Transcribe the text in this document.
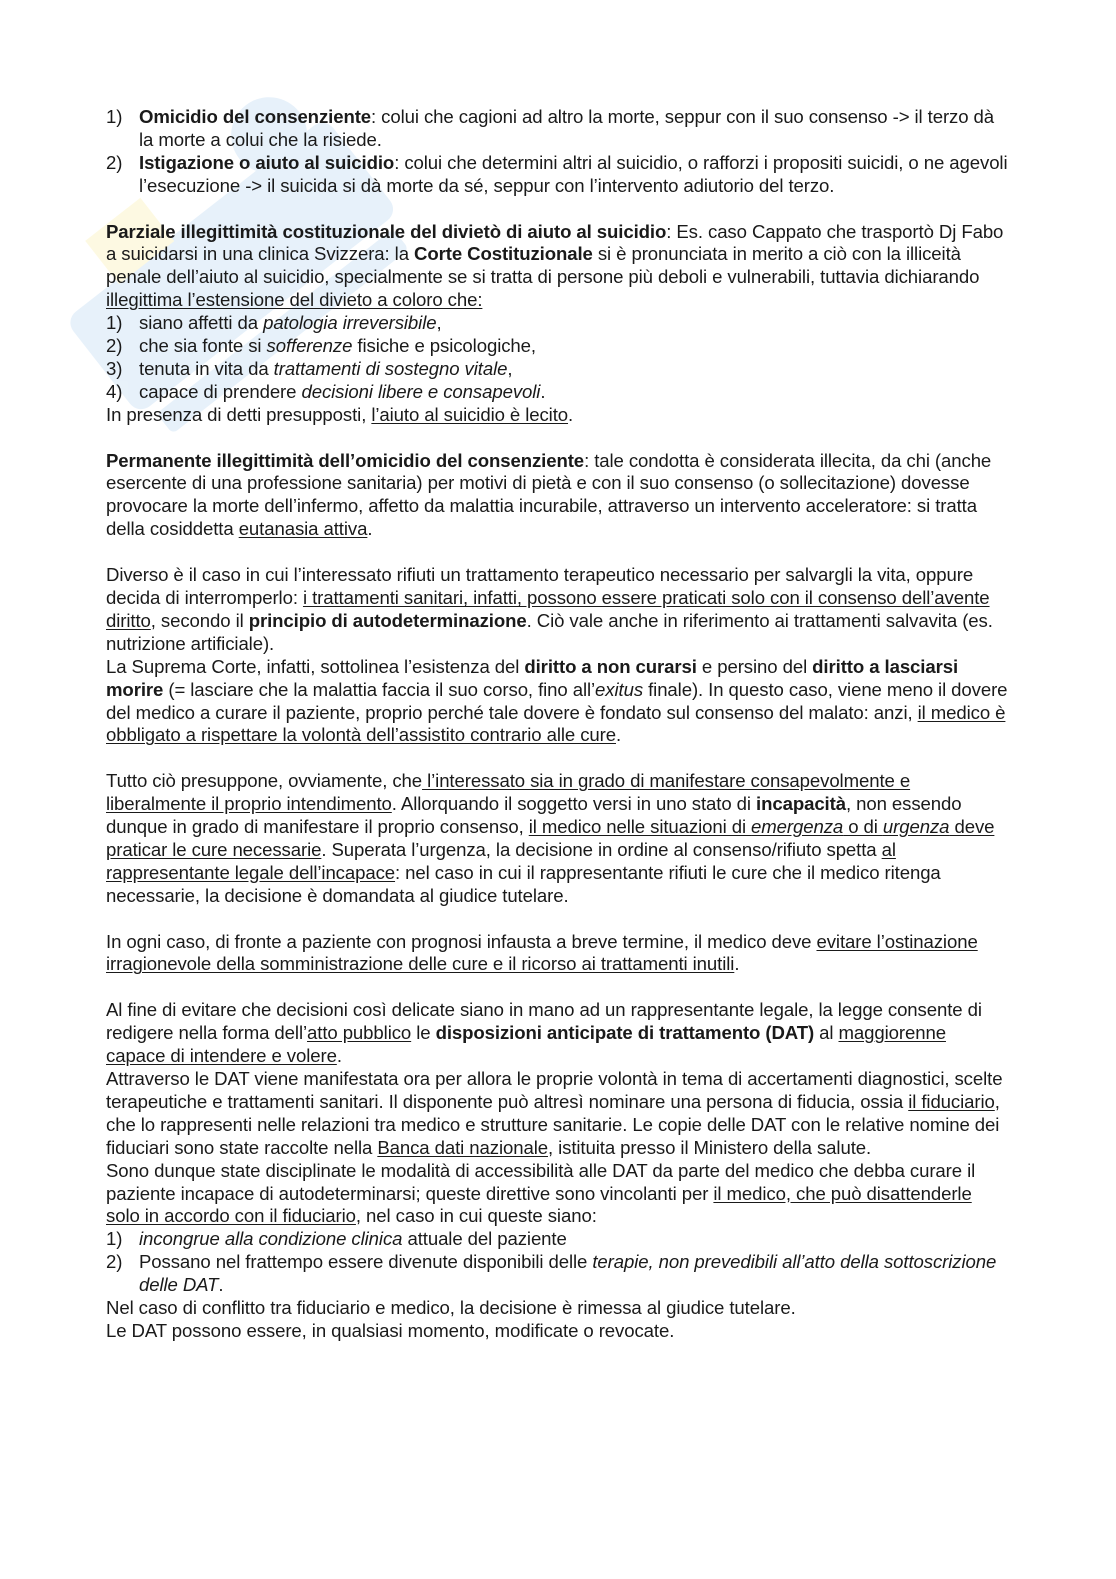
1) Omicidio del consenziente: colui che cagioni ad altro la morte, seppur con il suo consenso -> il terzo dà la morte a colui che la risiede.
2) Istigazione o aiuto al suicidio: colui che determini altri al suicidio, o rafforzi i propositi suicidi, o ne agevoli l’esecuzione -> il suicida si dà morte da sé, seppur con l’intervento adiutorio del terzo.

Parziale illegittimità costituzionale del divietò di aiuto al suicidio: Es. caso Cappato che trasportò Dj Fabo a suicidarsi in una clinica Svizzera: la Corte Costituzionale si è pronunciata in merito a ciò con la illiceità penale dell’aiuto al suicidio, specialmente se si tratta di persone più deboli e vulnerabili, tuttavia dichiarando illegittima l’estensione del divieto a coloro che:

1) siano affetti da patologia irreversibile,
2) che sia fonte si sofferenze fisiche e psicologiche,
3) tenuta in vita da trattamenti di sostegno vitale,
4) capace di prendere decisioni libere e consapevoli.

In presenza di detti presupposti, l’aiuto al suicidio è lecito.

Permanente illegittimità dell’omicidio del consenziente: tale condotta è considerata illecita, da chi (anche esercente di una professione sanitaria) per motivi di pietà e con il suo consenso (o sollecitazione) dovesse provocare la morte dell’infermo, affetto da malattia incurabile, attraverso un intervento acceleratore: si tratta della cosiddetta eutanasia attiva.

Diverso è il caso in cui l’interessato rifiuti un trattamento terapeutico necessario per salvargli la vita, oppure decida di interromperlo: i trattamenti sanitari, infatti, possono essere praticati solo con il consenso dell’avente diritto, secondo il principio di autodeterminazione. Ciò vale anche in riferimento ai trattamenti salvavita (es. nutrizione artificiale).

La Suprema Corte, infatti, sottolinea l’esistenza del diritto a non curarsi e persino del diritto a lasciarsi morire (= lasciare che la malattia faccia il suo corso, fino all’exitus finale). In questo caso, viene meno il dovere del medico a curare il paziente, proprio perché tale dovere è fondato sul consenso del malato: anzi, il medico è obbligato a rispettare la volontà dell’assistito contrario alle cure.

Tutto ciò presuppone, ovviamente, che l’interessato sia in grado di manifestare consapevolmente e liberalmente il proprio intendimento. Allorquando il soggetto versi in uno stato di incapacità, non essendo dunque in grado di manifestare il proprio consenso, il medico nelle situazioni di emergenza o di urgenza deve praticar le cure necessarie. Superata l’urgenza, la decisione in ordine al consenso/rifiuto spetta al rappresentante legale dell’incapace: nel caso in cui il rappresentante rifiuti le cure che il medico ritenga necessarie, la decisione è domandata al giudice tutelare.

In ogni caso, di fronte a paziente con prognosi infausta a breve termine, il medico deve evitare l’ostinazione irragionevole della somministrazione delle cure e il ricorso ai trattamenti inutili.

Al fine di evitare che decisioni così delicate siano in mano ad un rappresentante legale, la legge consente di redigere nella forma dell’atto pubblico le disposizioni anticipate di trattamento (DAT) al maggiorenne capace di intendere e volere.

Attraverso le DAT viene manifestata ora per allora le proprie volontà in tema di accertamenti diagnostici, scelte terapeutiche e trattamenti sanitari. Il disponente può altresì nominare una persona di fiducia, ossia il fiduciario, che lo rappresenti nelle relazioni tra medico e strutture sanitarie. Le copie delle DAT con le relative nomine dei fiduciari sono state raccolte nella Banca dati nazionale, istituita presso il Ministero della salute.

Sono dunque state disciplinate le modalità di accessibilità alle DAT da parte del medico che debba curare il paziente incapace di autodeterminarsi; queste direttive sono vincolanti per il medico, che può disattenderle solo in accordo con il fiduciario, nel caso in cui queste siano:

1) incongrue alla condizione clinica attuale del paziente
2) Possano nel frattempo essere divenute disponibili delle terapie, non prevedibili all’atto della sottoscrizione delle DAT.

Nel caso di conflitto tra fiduciario e medico, la decisione è rimessa al giudice tutelare.

Le DAT possono essere, in qualsiasi momento, modificate o revocate.
